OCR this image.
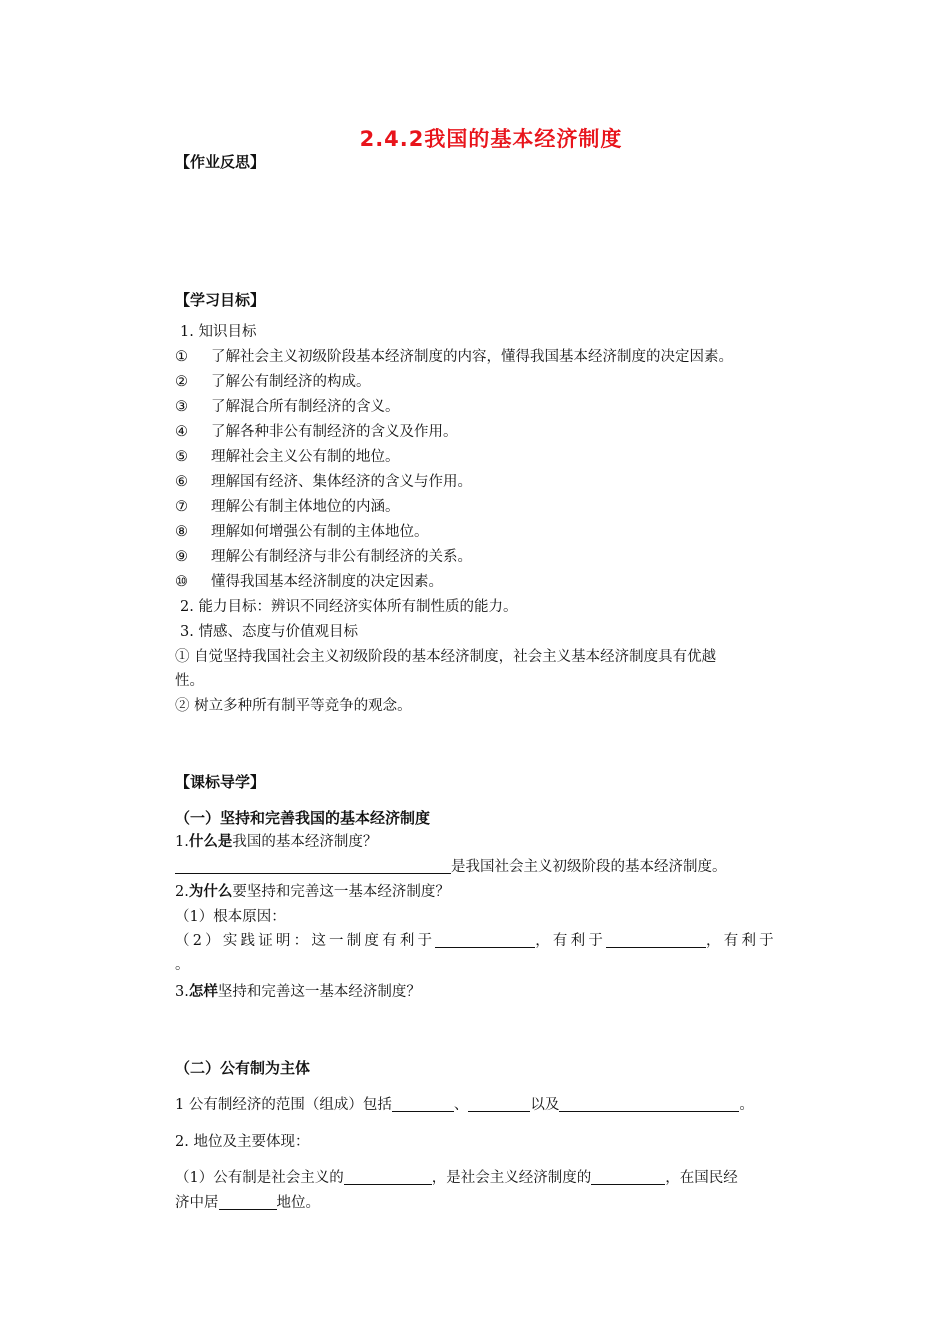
2.4.2我国的基本经济制度
【作业反思】
【学习目标】
1. 知识目标
① 了解社会主义初级阶段基本经济制度的内容，懂得我国基本经济制度的决定因素。
② 了解公有制经济的构成。
③ 了解混合所有制经济的含义。
④ 了解各种非公有制经济的含义及作用。
⑤ 理解社会主义公有制的地位。
⑥ 理解国有经济、集体经济的含义与作用。
⑦ 理解公有制主体地位的内涵。
⑧ 理解如何增强公有制的主体地位。
⑨ 理解公有制经济与非公有制经济的关系。
⑩ 懂得我国基本经济制度的决定因素。
2. 能力目标：辨识不同经济实体所有制性质的能力。
3. 情感、态度与价值观目标
① 自觉坚持我国社会主义初级阶段的基本经济制度，社会主义基本经济制度具有优越
性。
② 树立多种所有制平等竞争的观念。
【课标导学】
（一）坚持和完善我国的基本经济制度
1.什么是我国的基本经济制度？
是我国社会主义初级阶段的基本经济制度。
2.为什么要坚持和完善这一基本经济制度？
（1）根本原因：
（2）实践证明：这一制度有利于	，有利于	，有利于
。
3.怎样坚持和完善这一基本经济制度？
（二）公有制为主体
1 公有制经济的范围（组成）包括	、	以及	。
2. 地位及主要体现：
（1）公有制是社会主义的	，是社会主义经济制度的	，在国民经
济中居	地位。
